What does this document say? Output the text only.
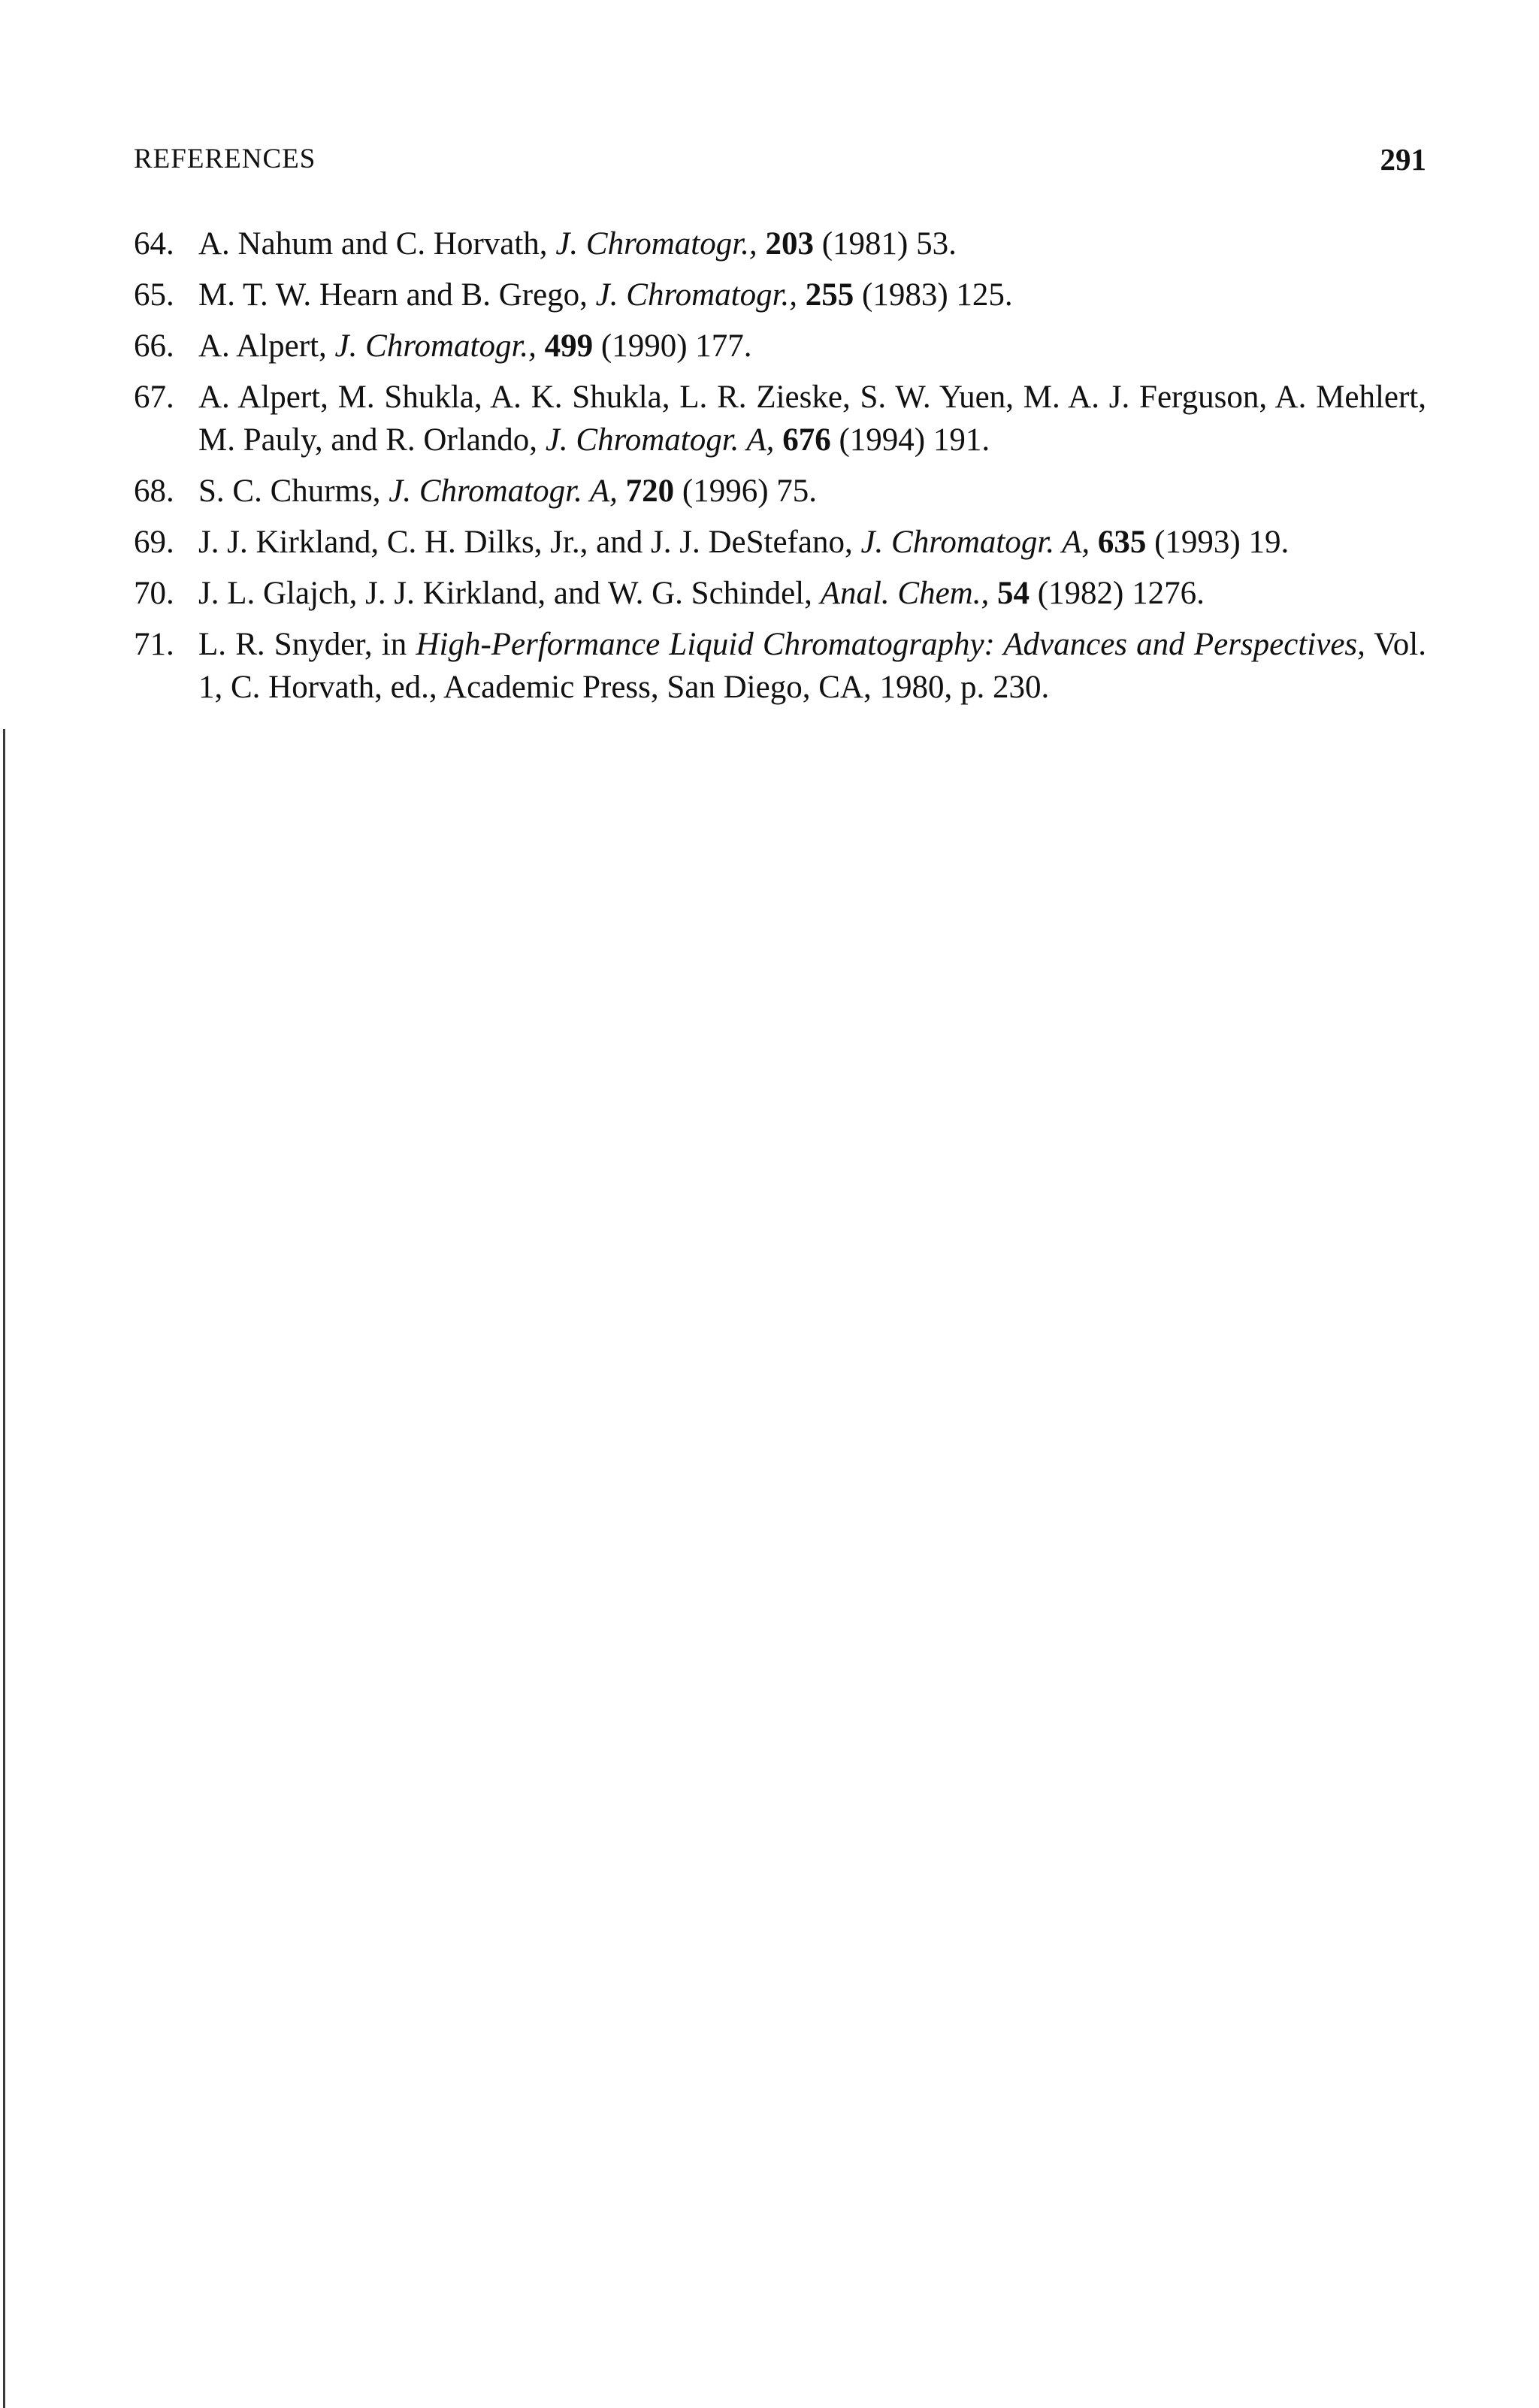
REFERENCES	291
64. A. Nahum and C. Horvath, J. Chromatogr., 203 (1981) 53.
65. M. T. W. Hearn and B. Grego, J. Chromatogr., 255 (1983) 125.
66. A. Alpert, J. Chromatogr., 499 (1990) 177.
67. A. Alpert, M. Shukla, A. K. Shukla, L. R. Zieske, S. W. Yuen, M. A. J. Ferguson, A. Mehlert, M. Pauly, and R. Orlando, J. Chromatogr. A, 676 (1994) 191.
68. S. C. Churms, J. Chromatogr. A, 720 (1996) 75.
69. J. J. Kirkland, C. H. Dilks, Jr., and J. J. DeStefano, J. Chromatogr. A, 635 (1993) 19.
70. J. L. Glajch, J. J. Kirkland, and W. G. Schindel, Anal. Chem., 54 (1982) 1276.
71. L. R. Snyder, in High-Performance Liquid Chromatography: Advances and Perspectives, Vol. 1, C. Horvath, ed., Academic Press, San Diego, CA, 1980, p. 230.
